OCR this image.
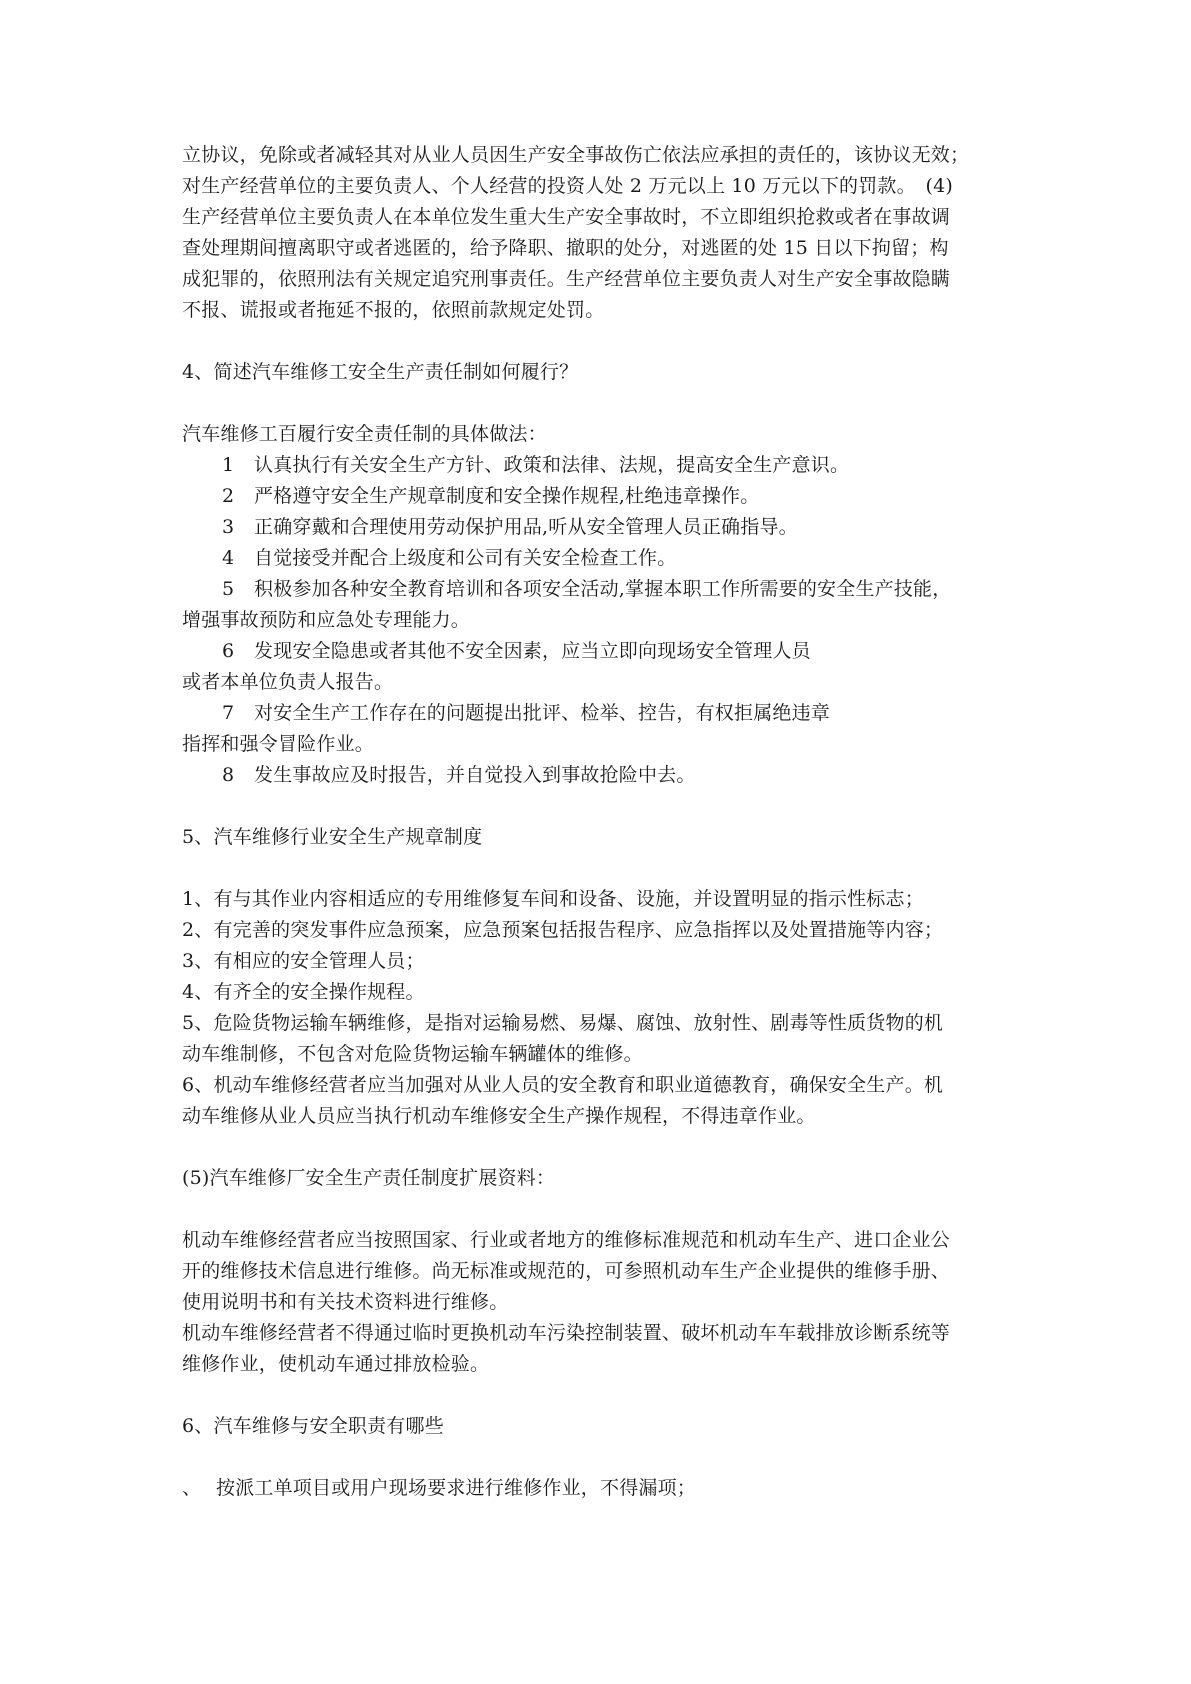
立协议，免除或者减轻其对从业人员因生产安全事故伤亡依法应承担的责任的，该协议无效；

对生产经营单位的主要负责人、个人经营的投资人处 2 万元以上 10 万元以下的罚款。　(4)

生产经营单位主要负责人在本单位发生重大生产安全事故时，不立即组织抢救或者在事故调

查处理期间擅离职守或者逃匿的，给予降职、撤职的处分，对逃匿的处 15 日以下拘留；构

成犯罪的，依照刑法有关规定追究刑事责任。生产经营单位主要负责人对生产安全事故隐瞒

不报、谎报或者拖延不报的，依照前款规定处罚。

4、简述汽车维修工安全生产责任制如何履行？

汽车维修工百履行安全责任制的具体做法：

1 认真执行有关安全生产方针、政策和法律、法规，提高安全生产意识。

2 严格遵守安全生产规章制度和安全操作规程,杜绝违章操作。

3 正确穿戴和合理使用劳动保护用品,听从安全管理人员正确指导。

4 自觉接受并配合上级度和公司有关安全检查工作。

5 积极参加各种安全教育培训和各项安全活动,掌握本职工作所需要的安全生产技能，

增强事故预防和应急处专理能力。

6 发现安全隐患或者其他不安全因素，应当立即向现场安全管理人员

或者本单位负责人报告。

7 对安全生产工作存在的问题提出批评、检举、控告，有权拒属绝违章

指挥和强令冒险作业。

8 发生事故应及时报告，并自觉投入到事故抢险中去。

5、汽车维修行业安全生产规章制度

1、有与其作业内容相适应的专用维修复车间和设备、设施，并设置明显的指示性标志；

2、有完善的突发事件应急预案，应急预案包括报告程序、应急指挥以及处置措施等内容；

3、有相应的安全管理人员；

4、有齐全的安全操作规程。

5、危险货物运输车辆维修，是指对运输易燃、易爆、腐蚀、放射性、剧毒等性质货物的机

动车维制修，不包含对危险货物运输车辆罐体的维修。

6、机动车维修经营者应当加强对从业人员的安全教育和职业道德教育，确保安全生产。机

动车维修从业人员应当执行机动车维修安全生产操作规程，不得违章作业。

(5)汽车维修厂安全生产责任制度扩展资料：

机动车维修经营者应当按照国家、行业或者地方的维修标准规范和机动车生产、进口企业公

开的维修技术信息进行维修。尚无标准或规范的，可参照机动车生产企业提供的维修手册、

使用说明书和有关技术资料进行维修。

机动车维修经营者不得通过临时更换机动车污染控制装置、破坏机动车车载排放诊断系统等

维修作业，使机动车通过排放检验。

6、汽车维修与安全职责有哪些

、 按派工单项目或用户现场要求进行维修作业，不得漏项；
